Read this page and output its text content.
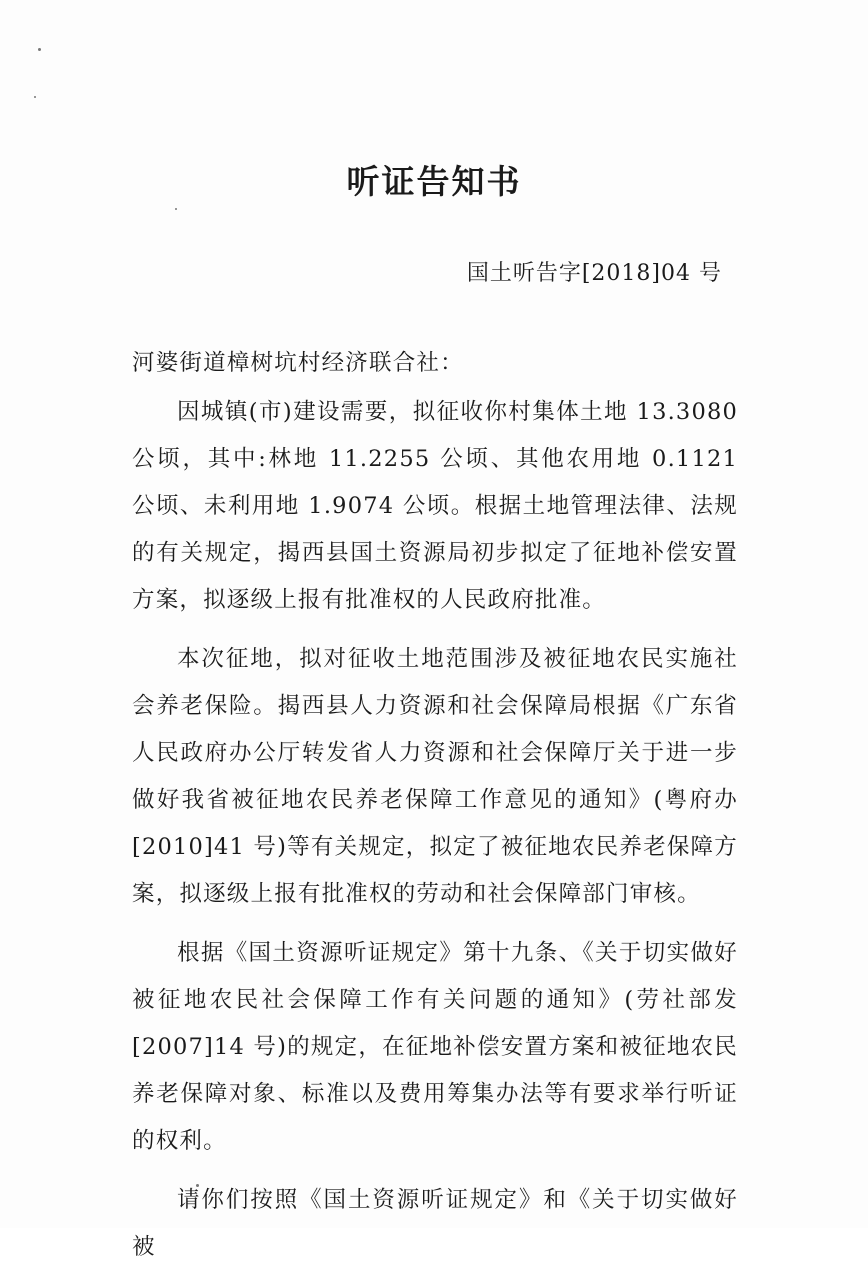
听证告知书
国土听告字[2018]04 号

河婆街道樟树坑村经济联合社：

因城镇(市)建设需要，拟征收你村集体土地 13.3080 公顷，其中:林地 11.2255 公顷、其他农用地 0.1121 公顷、未利用地 1.9074 公顷。根据土地管理法律、法规的有关规定，揭西县国土资源局初步拟定了征地补偿安置方案，拟逐级上报有批准权的人民政府批准。

本次征地，拟对征收土地范围涉及被征地农民实施社会养老保险。揭西县人力资源和社会保障局根据《广东省人民政府办公厅转发省人力资源和社会保障厅关于进一步做好我省被征地农民养老保障工作意见的通知》(粤府办[2010]41 号)等有关规定，拟定了被征地农民养老保障方案，拟逐级上报有批准权的劳动和社会保障部门审核。

根据《国土资源听证规定》第十九条、《关于切实做好被征地农民社会保障工作有关问题的通知》(劳社部发[2007]14 号)的规定，在征地补偿安置方案和被征地农民养老保障对象、标准以及费用筹集办法等有要求举行听证的权利。

请你们按照《国土资源听证规定》和《关于切实做好被
